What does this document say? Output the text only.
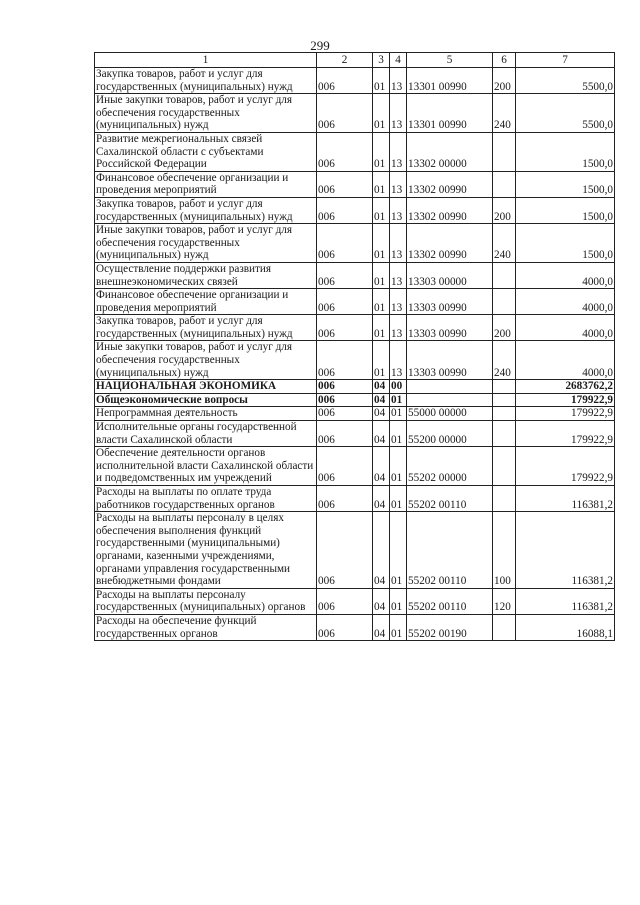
299
1	2	3	4	5	6	7
Закупка товаров, работ и услуг для государственных (муниципальных) нужд	006	01	13	13301 00990	200	5500,0
Иные закупки товаров, работ и услуг для обеспечения государственных (муниципальных) нужд	006	01	13	13301 00990	240	5500,0
Развитие межрегиональных связей Сахалинской области с субъектами Российской Федерации	006	01	13	13302 00000		1500,0
Финансовое обеспечение организации и проведения мероприятий	006	01	13	13302 00990		1500,0
Закупка товаров, работ и услуг для государственных (муниципальных) нужд	006	01	13	13302 00990	200	1500,0
Иные закупки товаров, работ и услуг для обеспечения государственных (муниципальных) нужд	006	01	13	13302 00990	240	1500,0
Осуществление поддержки развития внешнеэкономических связей	006	01	13	13303 00000		4000,0
Финансовое обеспечение организации и проведения мероприятий	006	01	13	13303 00990		4000,0
Закупка товаров, работ и услуг для государственных (муниципальных) нужд	006	01	13	13303 00990	200	4000,0
Иные закупки товаров, работ и услуг для обеспечения государственных (муниципальных) нужд	006	01	13	13303 00990	240	4000,0
НАЦИОНАЛЬНАЯ ЭКОНОМИКА	006	04	00			2683762,2
Общеэкономические вопросы	006	04	01			179922,9
Непрограммная деятельность	006	04	01	55000 00000		179922,9
Исполнительные органы государственной власти Сахалинской области	006	04	01	55200 00000		179922,9
Обеспечение деятельности органов исполнительной власти Сахалинской области и подведомственных им учреждений	006	04	01	55202 00000		179922,9
Расходы на выплаты по оплате труда работников государственных органов	006	04	01	55202 00110		116381,2
Расходы на выплаты персоналу в целях обеспечения выполнения функций государственными (муниципальными) органами, казенными учреждениями, органами управления государственными внебюджетными фондами	006	04	01	55202 00110	100	116381,2
Расходы на выплаты персоналу государственных (муниципальных) органов	006	04	01	55202 00110	120	116381,2
Расходы на обеспечение функций государственных органов	006	04	01	55202 00190		16088,1
